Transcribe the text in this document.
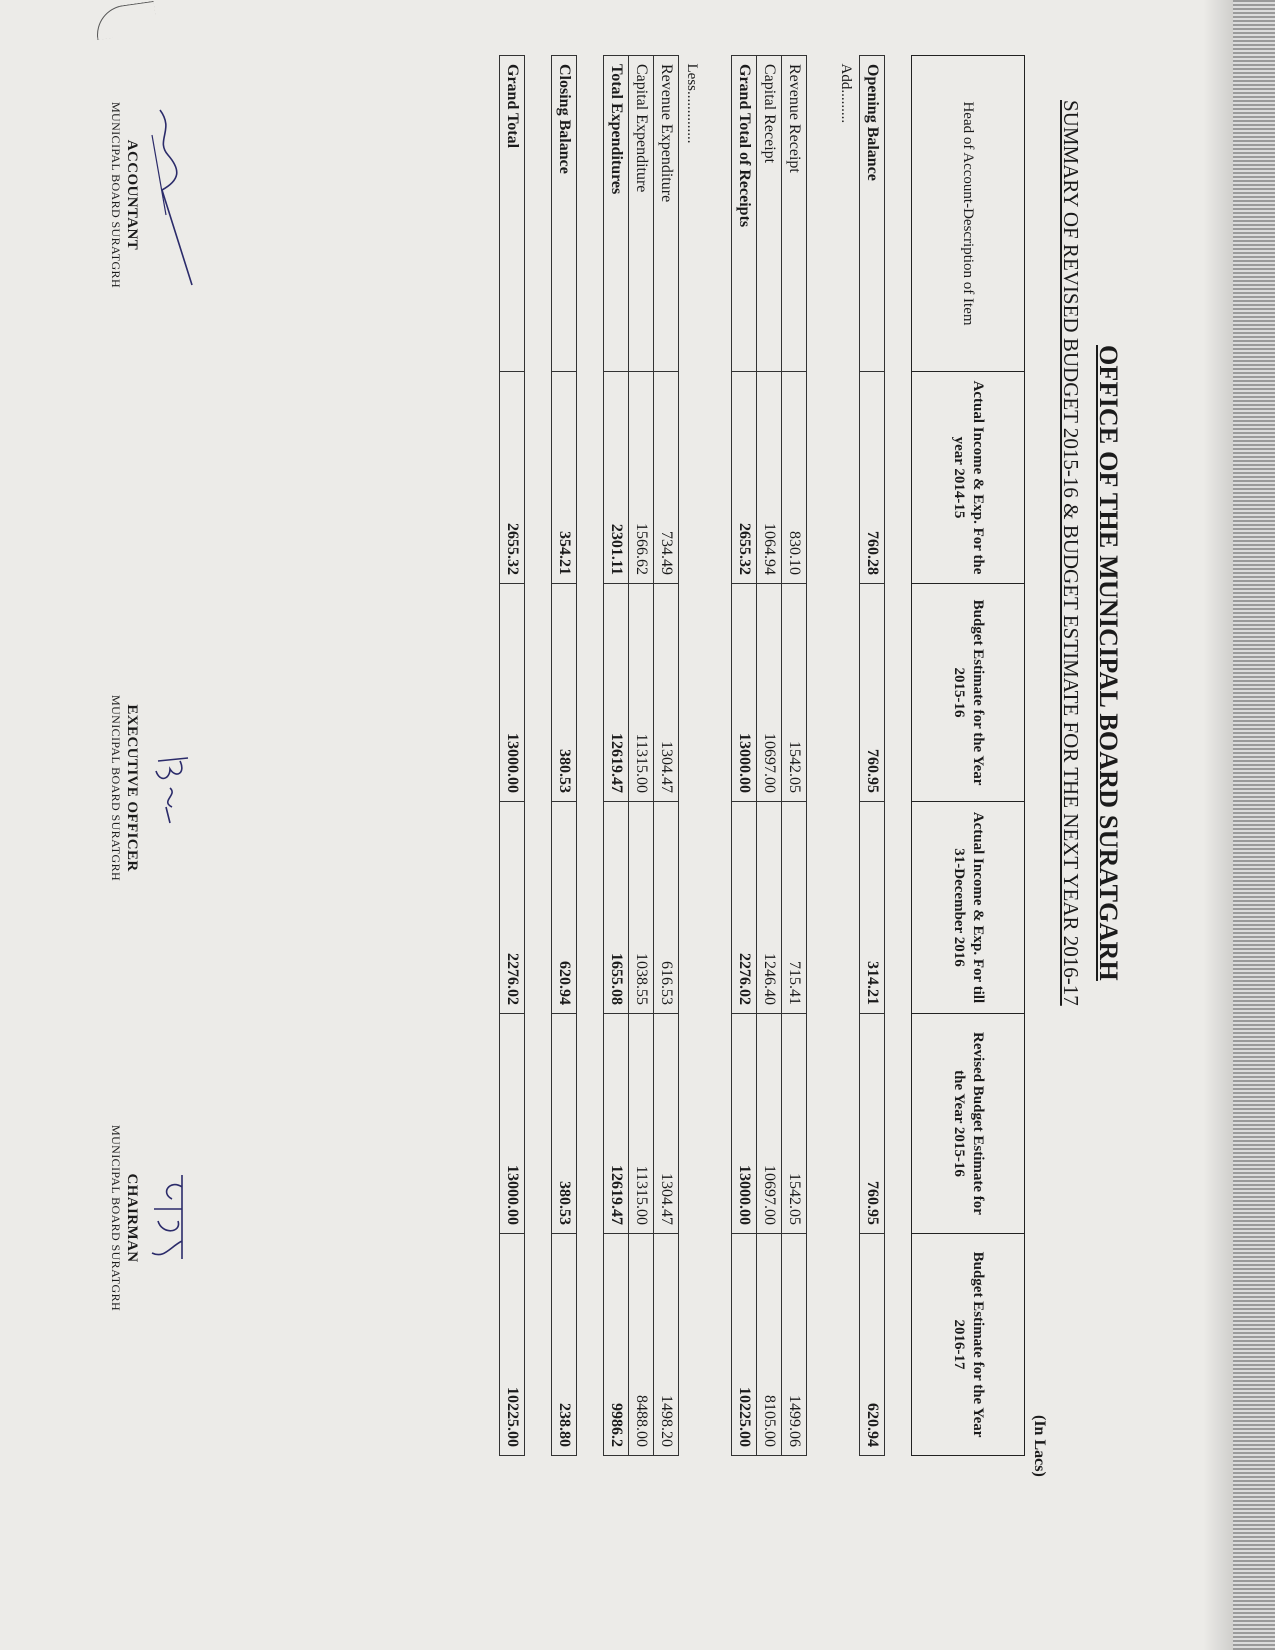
OFFICE OF THE MUNICIPAL BOARD SURATGARH
SUMMARY OF REVISED BUDGET 2015-16 & BUDGET ESTIMATE FOR THE NEXT YEAR 2016-17
(In Lacs)
Head of Account-Description of Item	Actual Income & Exp. For the year 2014-15	Budget Estimate for the Year 2015-16	Actual Income & Exp. For till 31-December 2016	Revised Budget Estimate for the Year 2015-16	Budget Estimate for the Year 2016-17

Opening Balance	760.28	760.95	314.21	760.95	620.94
Add.........					

Revenue Receipt	830.10	1542.05	715.41	1542.05	1499.06
Capital Receipt	1064.94	10697.00	1246.40	10697.00	8105.00
Grand Total of Receipts	2655.32	13000.00	2276.02	13000.00	10225.00

Less..............					
Revenue Expenditure	734.49	1304.47	616.53	1304.47	1498.20
Capital Expenditure	1566.62	11315.00	1038.55	11315.00	8488.00
Total Expenditures	2301.11	12619.47	1655.08	12619.47	9986.2

Closing Balance	354.21	380.53	620.94	380.53	238.80

Grand Total	2655.32	13000.00	2276.02	13000.00	10225.00
ACCOUNTANT
MUNICIPAL BOARD SURATGRH
EXECUTIVE OFFICER
MUNICIPAL BOARD SURATGRH
CHAIRMAN
MUNICIPAL BOARD SURATGRH
